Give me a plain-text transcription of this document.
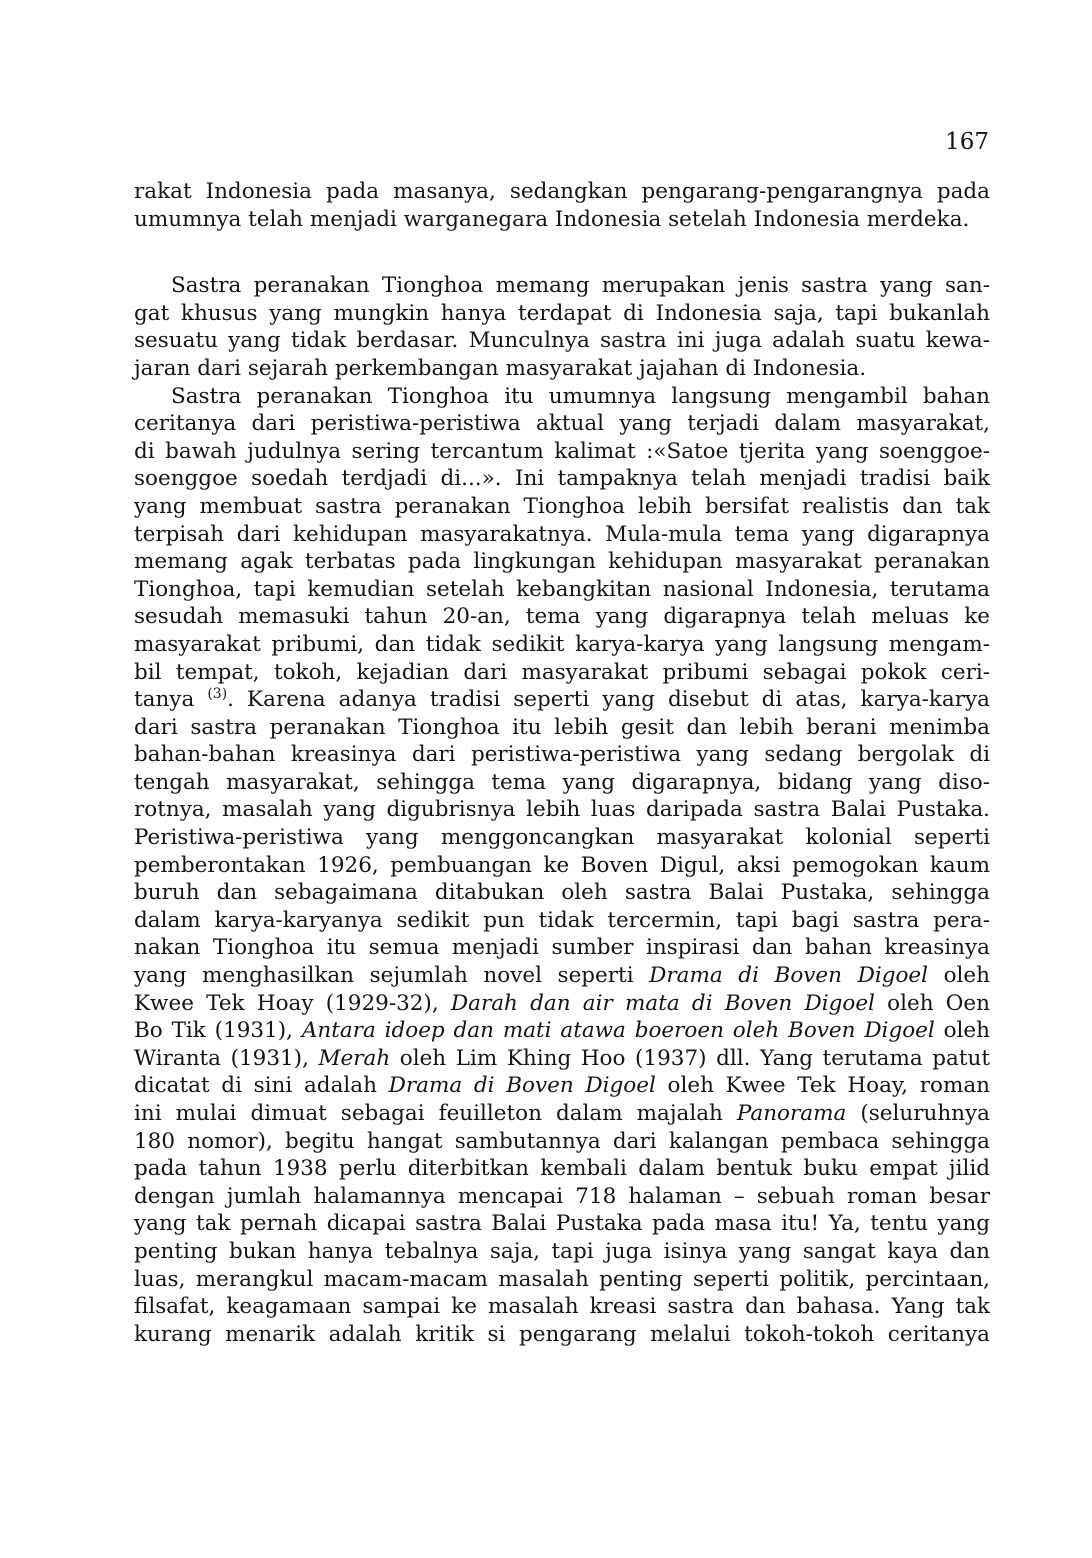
167
rakat Indonesia pada masanya, sedangkan pengarang-pengarangnya pada
umumnya telah menjadi warganegara Indonesia setelah Indonesia merdeka.
Sastra peranakan Tionghoa memang merupakan jenis sastra yang san-
gat khusus yang mungkin hanya terdapat di Indonesia saja, tapi bukanlah
sesuatu yang tidak berdasar. Munculnya sastra ini juga adalah suatu kewa-
jaran dari sejarah perkembangan masyarakat jajahan di Indonesia.
Sastra peranakan Tionghoa itu umumnya langsung mengambil bahan
ceritanya dari peristiwa-peristiwa aktual yang terjadi dalam masyarakat,
di bawah judulnya sering tercantum kalimat :«Satoe tjerita yang soenggoe-
soenggoe soedah terdjadi di...». Ini tampaknya telah menjadi tradisi baik
yang membuat sastra peranakan Tionghoa lebih bersifat realistis dan tak
terpisah dari kehidupan masyarakatnya. Mula-mula tema yang digarapnya
memang agak terbatas pada lingkungan kehidupan masyarakat peranakan
Tionghoa, tapi kemudian setelah kebangkitan nasional Indonesia, terutama
sesudah memasuki tahun 20-an, tema yang digarapnya telah meluas ke
masyarakat pribumi, dan tidak sedikit karya-karya yang langsung mengam-
bil tempat, tokoh, kejadian dari masyarakat pribumi sebagai pokok ceri-
tanya $^{(3)}$. Karena adanya tradisi seperti yang disebut di atas, karya-karya
dari sastra peranakan Tionghoa itu lebih gesit dan lebih berani menimba
bahan-bahan kreasinya dari peristiwa-peristiwa yang sedang bergolak di
tengah masyarakat, sehingga tema yang digarapnya, bidang yang diso-
rotnya, masalah yang digubrisnya lebih luas daripada sastra Balai Pustaka.
Peristiwa-peristiwa yang menggoncangkan masyarakat kolonial seperti
pemberontakan 1926, pembuangan ke Boven Digul, aksi pemogokan kaum
buruh dan sebagaimana ditabukan oleh sastra Balai Pustaka, sehingga
dalam karya-karyanya sedikit pun tidak tercermin, tapi bagi sastra pera-
nakan Tionghoa itu semua menjadi sumber inspirasi dan bahan kreasinya
yang menghasilkan sejumlah novel seperti Drama di Boven Digoel oleh
Kwee Tek Hoay (1929-32), Darah dan air mata di Boven Digoel oleh Oen
Bo Tik (1931), Antara idoep dan mati atawa boeroen oleh Boven Digoel oleh
Wiranta (1931), Merah oleh Lim Khing Hoo (1937) dll. Yang terutama patut
dicatat di sini adalah Drama di Boven Digoel oleh Kwee Tek Hoay, roman
ini mulai dimuat sebagai feuilleton dalam majalah Panorama (seluruhnya
180 nomor), begitu hangat sambutannya dari kalangan pembaca sehingga
pada tahun 1938 perlu diterbitkan kembali dalam bentuk buku empat jilid
dengan jumlah halamannya mencapai 718 halaman – sebuah roman besar
yang tak pernah dicapai sastra Balai Pustaka pada masa itu! Ya, tentu yang
penting bukan hanya tebalnya saja, tapi juga isinya yang sangat kaya dan
luas, merangkul macam-macam masalah penting seperti politik, percintaan,
filsafat, keagamaan sampai ke masalah kreasi sastra dan bahasa. Yang tak
kurang menarik adalah kritik si pengarang melalui tokoh-tokoh ceritanya
